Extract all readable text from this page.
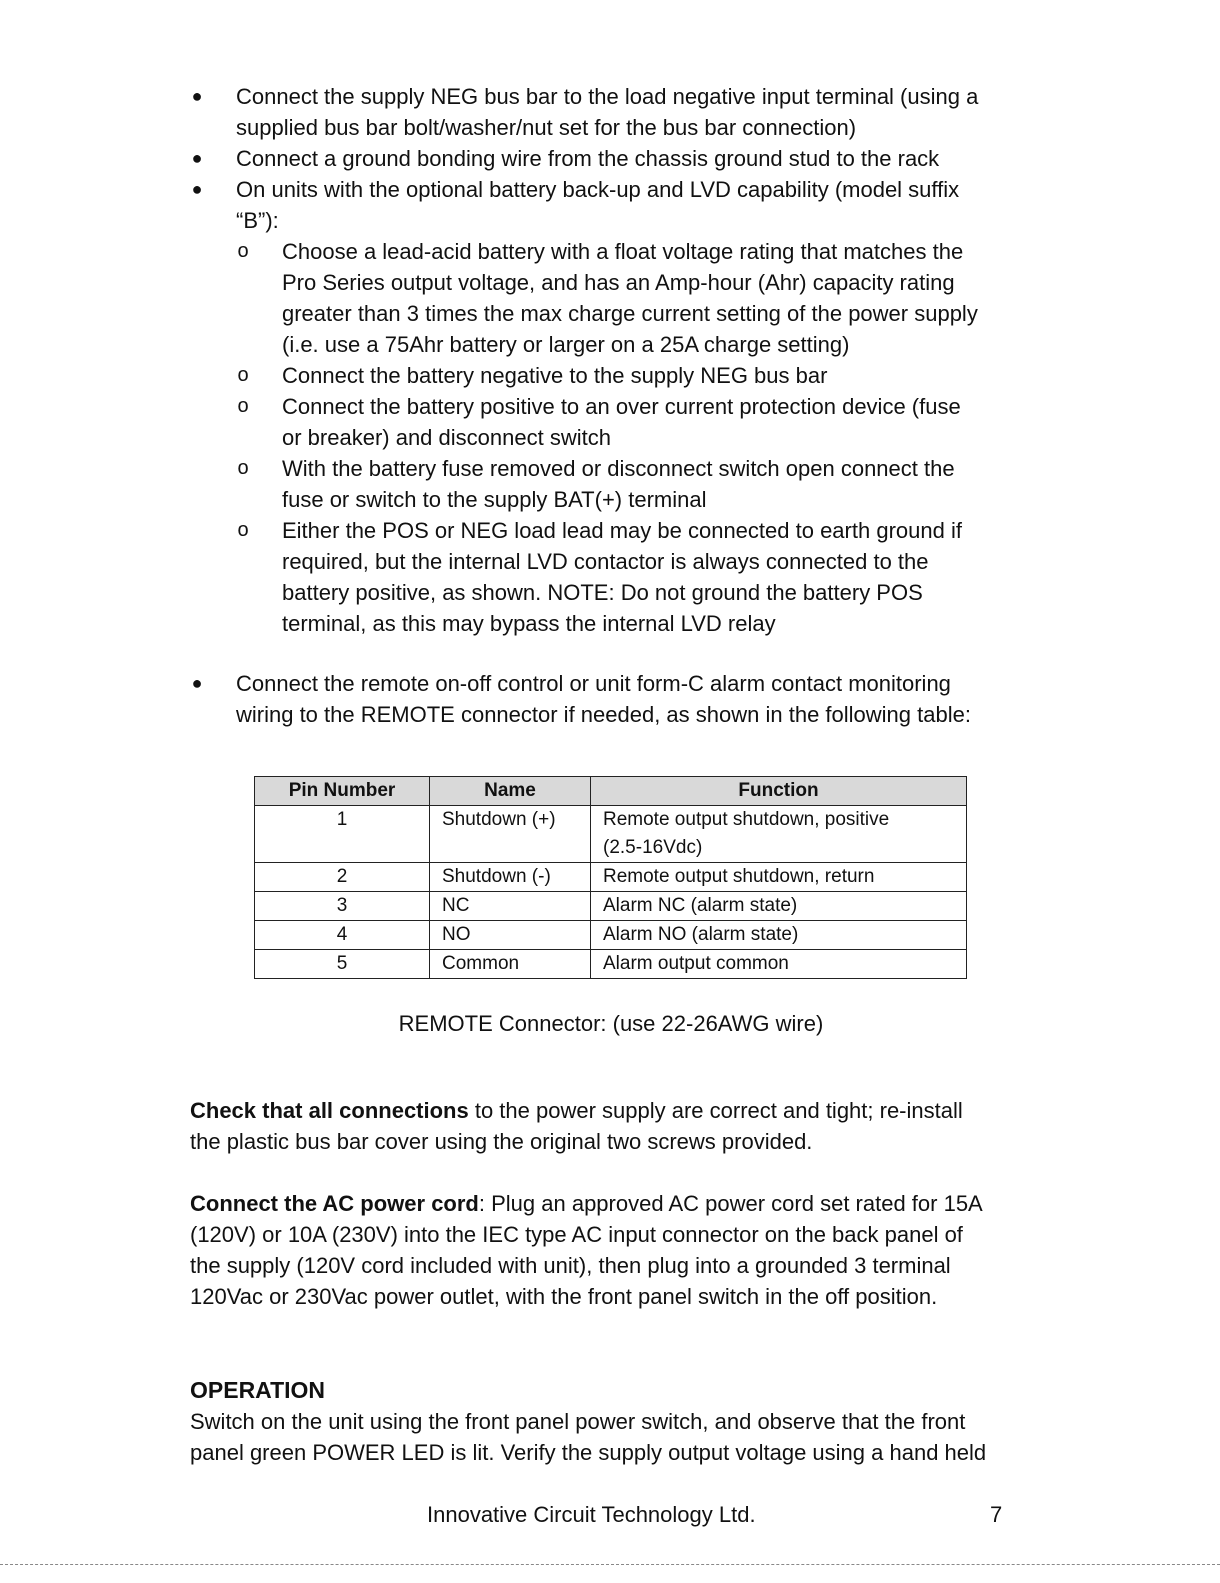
● Connect the supply NEG bus bar to the load negative input terminal (using a
supplied bus bar bolt/washer/nut set for the bus bar connection)
● Connect a ground bonding wire from the chassis ground stud to the rack
● On units with the optional battery back-up and LVD capability (model suffix
“B”):
o Choose a lead-acid battery with a float voltage rating that matches the
Pro Series output voltage, and has an Amp-hour (Ahr) capacity rating
greater than 3 times the max charge current setting of the power supply
(i.e. use a 75Ahr battery or larger on a 25A charge setting)
o Connect the battery negative to the supply NEG bus bar
o Connect the battery positive to an over current protection device (fuse
or breaker) and disconnect switch
o With the battery fuse removed or disconnect switch open connect the
fuse or switch to the supply BAT(+) terminal
o Either the POS or NEG load lead may be connected to earth ground if
required, but the internal LVD contactor is always connected to the
battery positive, as shown. NOTE: Do not ground the battery POS
terminal, as this may bypass the internal LVD relay
● Connect the remote on-off control or unit form-C alarm contact monitoring
wiring to the REMOTE connector if needed, as shown in the following table:
Pin Number	Name	Function
1	Shutdown (+)	Remote output shutdown, positive
(2.5-16Vdc)

2	Shutdown (-)	Remote output shutdown, return

3	NC	Alarm NC (alarm state)

4	NO	Alarm NO (alarm state)

5	Common	Alarm output common
REMOTE Connector: (use 22-26AWG wire)
Check that all connections to the power supply are correct and tight; re-install
the plastic bus bar cover using the original two screws provided.
Connect the AC power cord: Plug an approved AC power cord set rated for 15A
(120V) or 10A (230V) into the IEC type AC input connector on the back panel of
the supply (120V cord included with unit), then plug into a grounded 3 terminal
120Vac or 230Vac power outlet, with the front panel switch in the off position.
OPERATION
Switch on the unit using the front panel power switch, and observe that the front
panel green POWER LED is lit. Verify the supply output voltage using a hand held
Innovative Circuit Technology Ltd.	7
